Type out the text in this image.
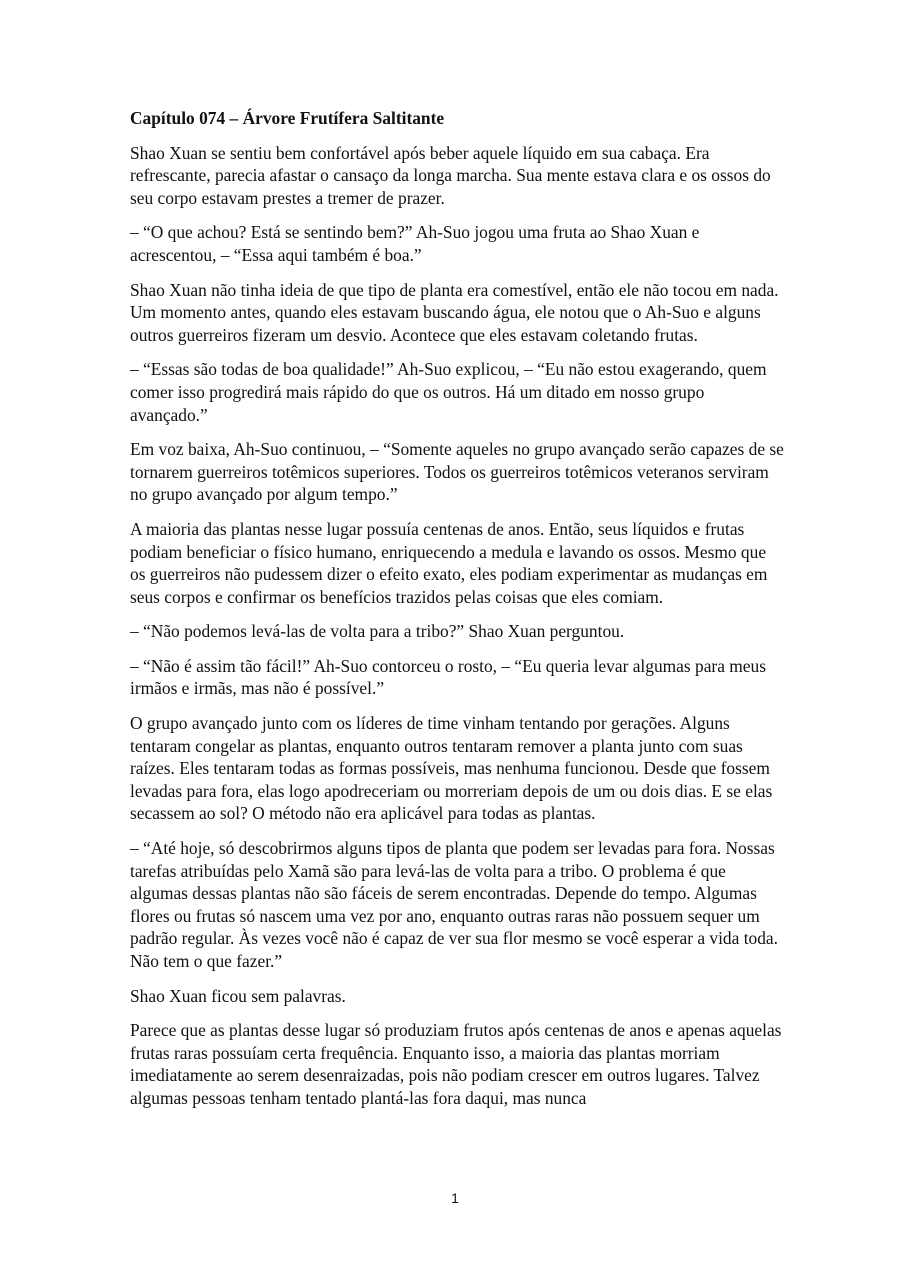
Capítulo 074 – Árvore Frutífera Saltitante

Shao Xuan se sentiu bem confortável após beber aquele líquido em sua cabaça. Era refrescante, parecia afastar o cansaço da longa marcha. Sua mente estava clara e os ossos do seu corpo estavam prestes a tremer de prazer.

– “O que achou? Está se sentindo bem?” Ah-Suo jogou uma fruta ao Shao Xuan e acrescentou, – “Essa aqui também é boa.”

Shao Xuan não tinha ideia de que tipo de planta era comestível, então ele não tocou em nada. Um momento antes, quando eles estavam buscando água, ele notou que o Ah-Suo e alguns outros guerreiros fizeram um desvio. Acontece que eles estavam coletando frutas.

– “Essas são todas de boa qualidade!” Ah-Suo explicou, – “Eu não estou exagerando, quem comer isso progredirá mais rápido do que os outros. Há um ditado em nosso grupo avançado.”

Em voz baixa, Ah-Suo continuou, – “Somente aqueles no grupo avançado serão capazes de se tornarem guerreiros totêmicos superiores. Todos os guerreiros totêmicos veteranos serviram no grupo avançado por algum tempo.”

A maioria das plantas nesse lugar possuía centenas de anos. Então, seus líquidos e frutas podiam beneficiar o físico humano, enriquecendo a medula e lavando os ossos. Mesmo que os guerreiros não pudessem dizer o efeito exato, eles podiam experimentar as mudanças em seus corpos e confirmar os benefícios trazidos pelas coisas que eles comiam.

– “Não podemos levá-las de volta para a tribo?” Shao Xuan perguntou.

– “Não é assim tão fácil!” Ah-Suo contorceu o rosto, – “Eu queria levar algumas para meus irmãos e irmãs, mas não é possível.”

O grupo avançado junto com os líderes de time vinham tentando por gerações. Alguns tentaram congelar as plantas, enquanto outros tentaram remover a planta junto com suas raízes. Eles tentaram todas as formas possíveis, mas nenhuma funcionou. Desde que fossem levadas para fora, elas logo apodreceriam ou morreriam depois de um ou dois dias. E se elas secassem ao sol? O método não era aplicável para todas as plantas.

– “Até hoje, só descobrirmos alguns tipos de planta que podem ser levadas para fora. Nossas tarefas atribuídas pelo Xamã são para levá-las de volta para a tribo. O problema é que algumas dessas plantas não são fáceis de serem encontradas. Depende do tempo. Algumas flores ou frutas só nascem uma vez por ano, enquanto outras raras não possuem sequer um padrão regular. Às vezes você não é capaz de ver sua flor mesmo se você esperar a vida toda. Não tem o que fazer.”

Shao Xuan ficou sem palavras.

Parece que as plantas desse lugar só produziam frutos após centenas de anos e apenas aquelas frutas raras possuíam certa frequência. Enquanto isso, a maioria das plantas morriam imediatamente ao serem desenraizadas, pois não podiam crescer em outros lugares. Talvez algumas pessoas tenham tentado plantá-las fora daqui, mas nunca

1
